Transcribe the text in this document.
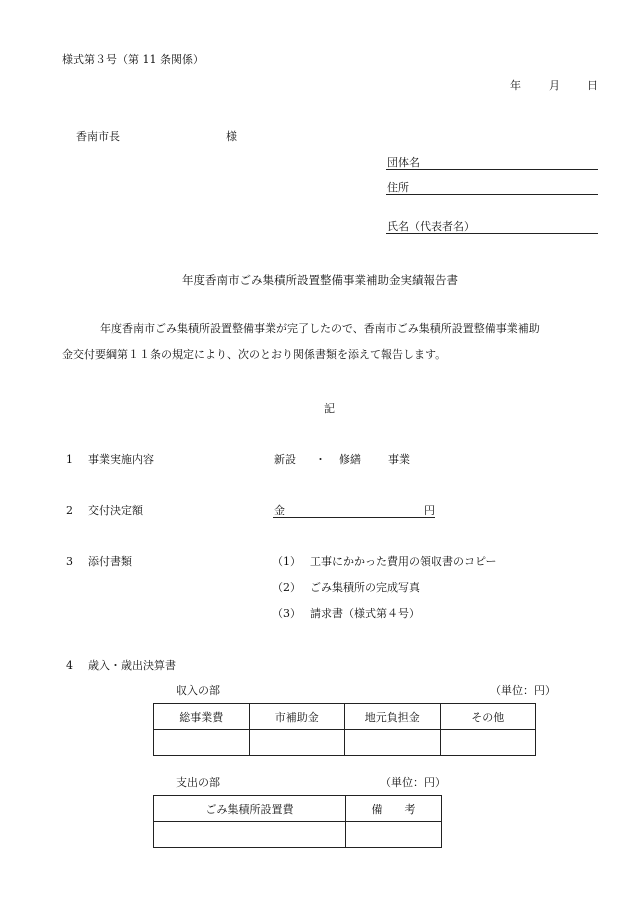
様式第３号（第 11 条関係）
年	月 日
香南市長	様
団体名
住所
氏名（代表者名）
年度香南市ごみ集積所設置整備事業補助金実績報告書
年度香南市ごみ集積所設置整備事業が完了したので、香南市ごみ集積所設置整備事業補助
金交付要綱第１１条の規定により、次のとおり関係書類を添えて報告します。
記
1 事業実施内容	新設 ・ 修繕 事業
2 交付決定額	金	円
3 添付書類	（1） 工事にかかった費用の領収書のコピー
（2） ごみ集積所の完成写真
（3） 請求書（様式第４号）
4 歳入・歳出決算書
収入の部	（単位：円）
総事業費	市補助金	地元負担金	その他

支出の部	（単位：円）
ごみ集積所設置費	備　　考
